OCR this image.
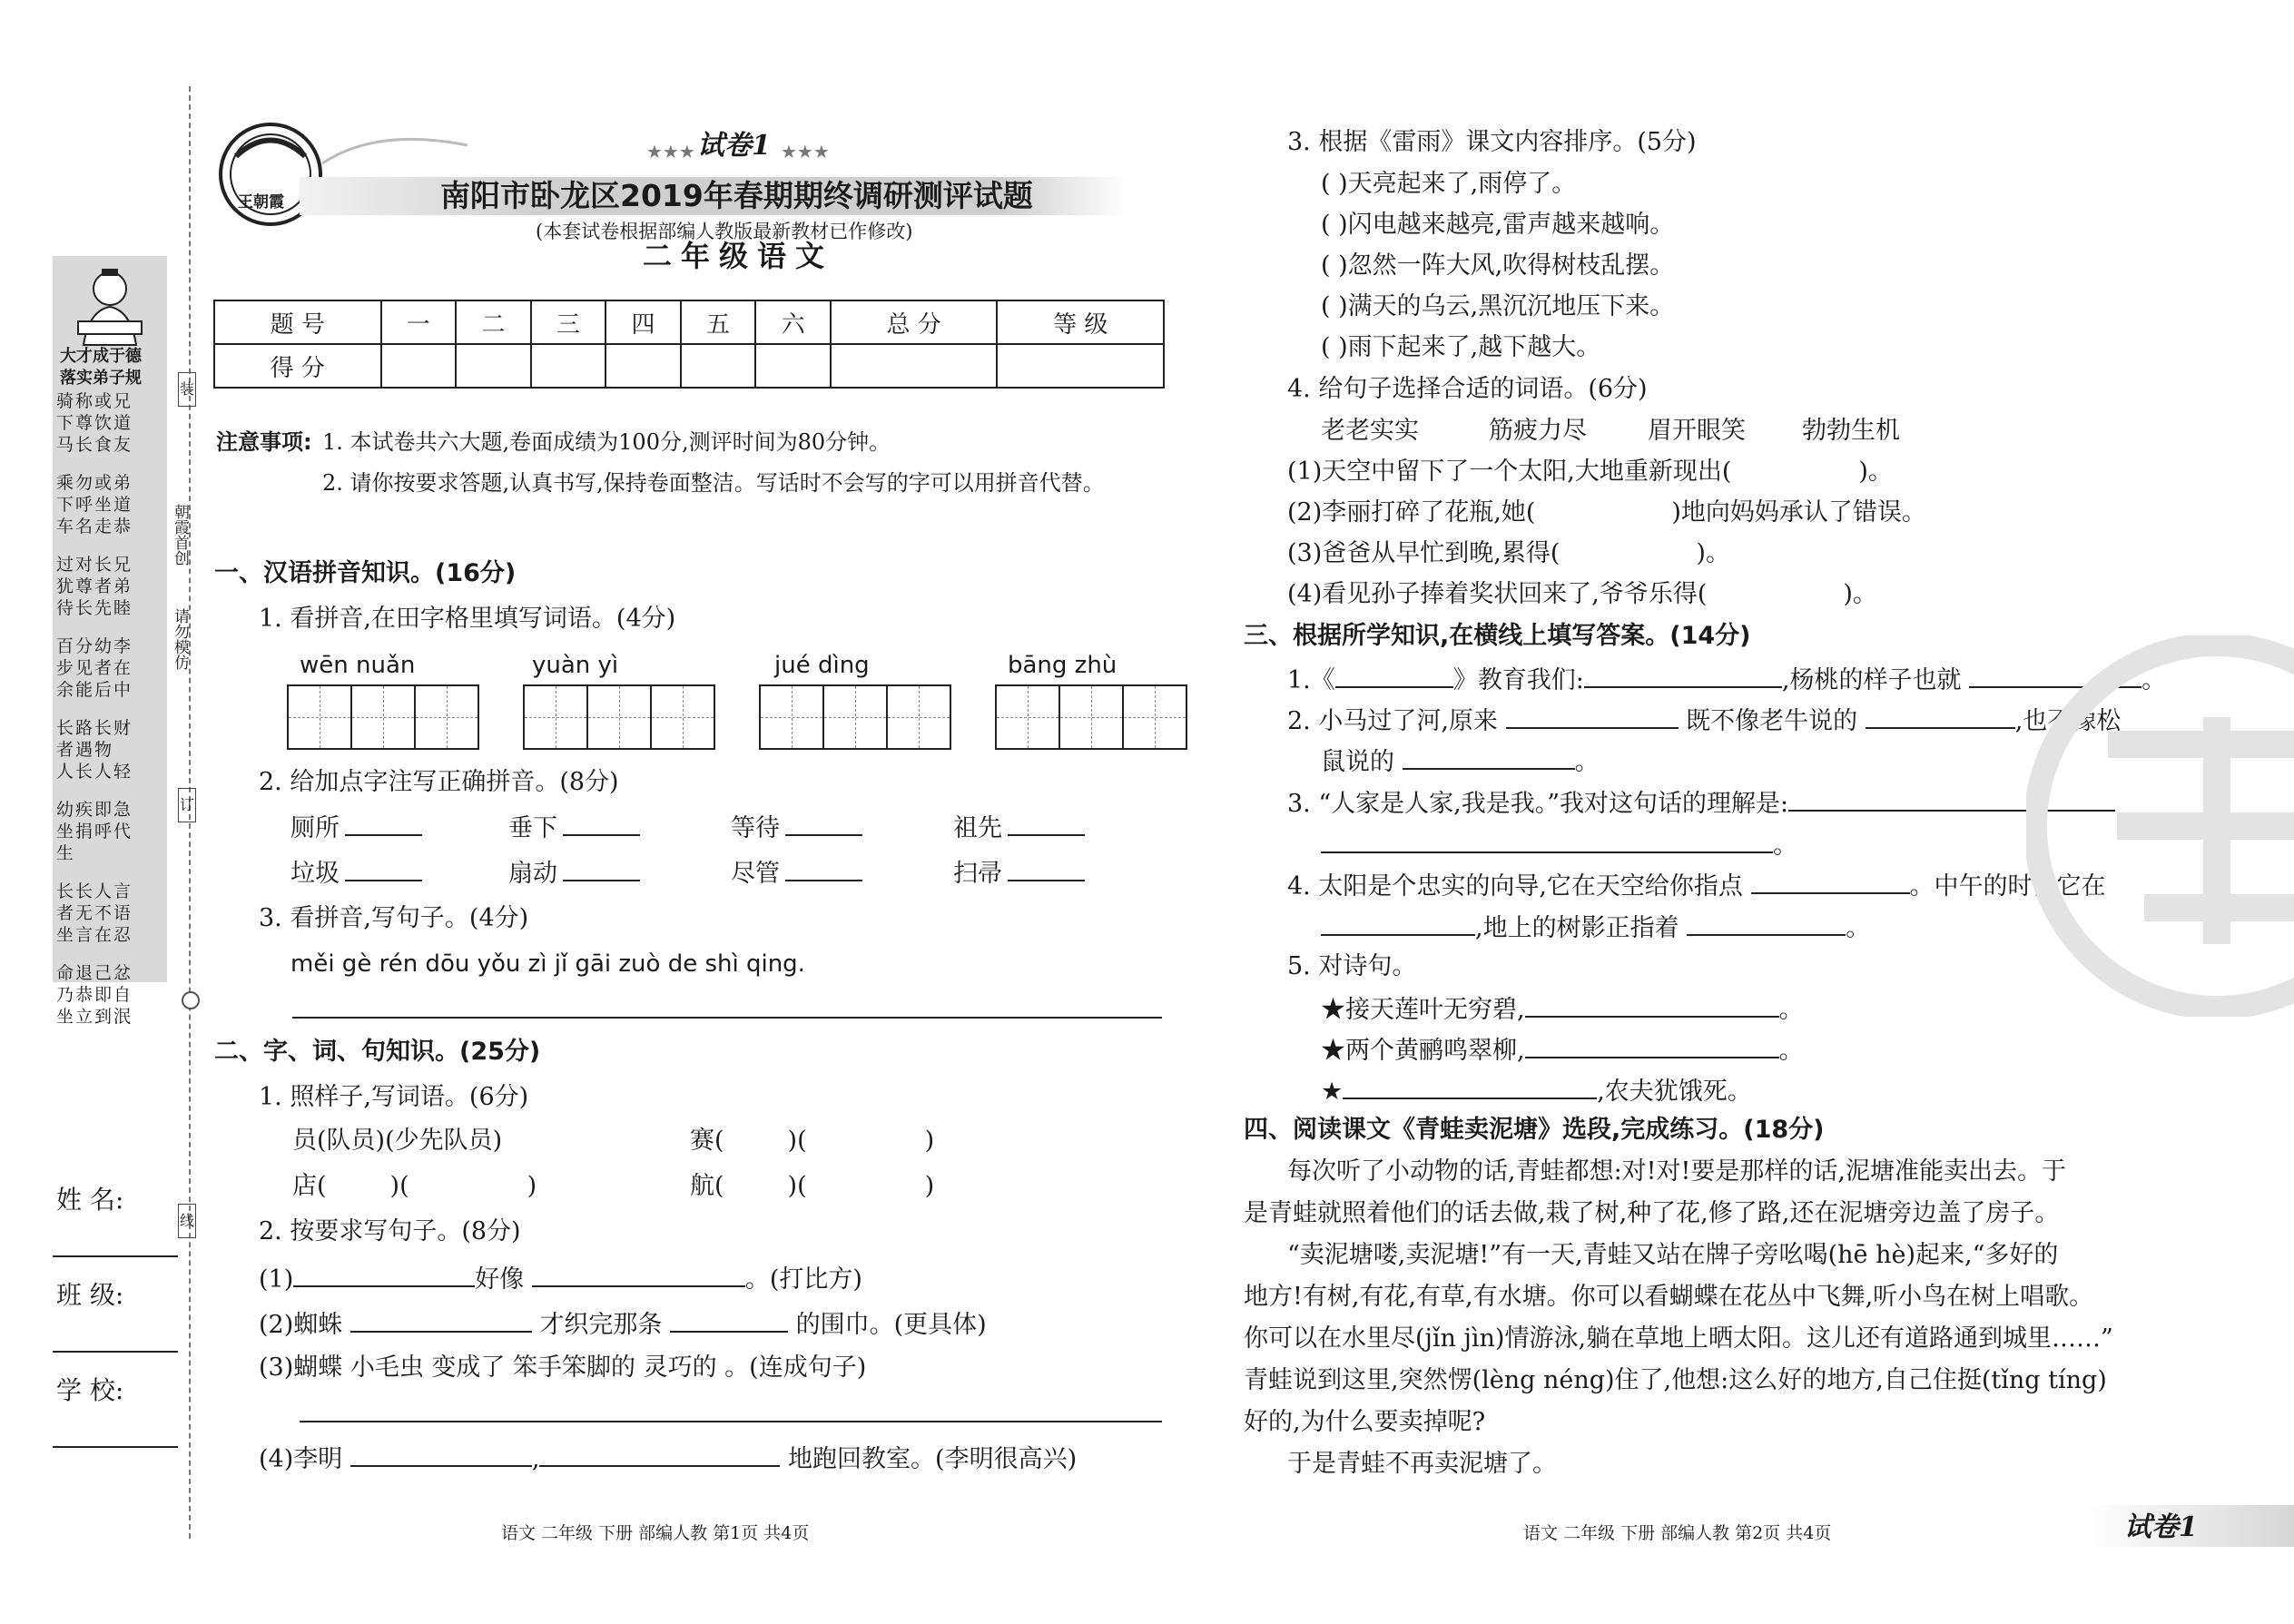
大才成于德
落实弟子规
骑称或兄
下尊饮道
马长食友
乘勿或弟
下呼坐道
车名走恭
过对长兄
犹尊者弟
待长先睦
百分幼李
步见者在
余能后中
长路长财
者遇物
人长人轻
幼疾即急
坐捐呼代
生
长长人言
者无不语
坐言在忍
命退己忿
乃恭即自
坐立到泯
朝霞首创
请勿模仿
装
订
线
姓 名:
班 级:
学 校:
王朝霞
★★★ 试卷1 ★★★
南阳市卧龙区2019年春期期终调研测评试题
(本套试卷根据部编人教版最新教材已作修改)
二年级语文
题 号	一	二	三	四	五	六	总 分	等 级
得 分								
注意事项: 1. 本试卷共六大题,卷面成绩为100分,测评时间为80分钟。
2. 请你按要求答题,认真书写,保持卷面整洁。写话时不会写的字可以用拼音代替。
一、汉语拼音知识。(16分)
1. 看拼音,在田字格里填写词语。(4分)
wēn nuǎn	yuàn yì	jué dìng	bāng zhù
2. 给加点字注写正确拼音。(8分)
厕所	垂下	等待	祖先
垃圾	扇动	尽管	扫帚
3. 看拼音,写句子。(4分)
měi gè rén dōu yǒu zì jǐ gāi zuò de shì qing.
二、字、词、句知识。(25分)
1. 照样子,写词语。(6分)
员(队员)(少先队员)	赛(	)(	)
店(	)(	)	航(	)(	)
2. 按要求写句子。(8分)
(1)	好像	。(打比方)
(2)蜘蛛	才织完那条	的围巾。(更具体)
(3)蝴蝶 小毛虫 变成了 笨手笨脚的 灵巧的 。(连成句子)
(4)李明	,	地跑回教室。(李明很高兴)
语文 二年级 下册 部编人教 第1页 共4页
3. 根据《雷雨》课文内容排序。(5分)
( )天亮起来了,雨停了。
( )闪电越来越亮,雷声越来越响。
( )忽然一阵大风,吹得树枝乱摆。
( )满天的乌云,黑沉沉地压下来。
( )雨下起来了,越下越大。
4. 给句子选择合适的词语。(6分)
老老实实	筋疲力尽 眉开眼笑 勃勃生机
(1)天空中留下了一个太阳,大地重新现出(	)。
(2)李丽打碎了花瓶,她(	)地向妈妈承认了错误。
(3)爸爸从早忙到晚,累得(	)。
(4)看见孙子捧着奖状回来了,爷爷乐得(	)。
三、根据所学知识,在横线上填写答案。(14分)
1.《	》教育我们:	,杨桃的样子也就	。
2. 小马过了河,原来	既不像老牛说的	,也不像松
鼠说的	。
3. “人家是人家,我是我。”我对这句话的理解是:
。
4. 太阳是个忠实的向导,它在天空给你指点	。中午的时候它在
,地上的树影正指着	。
5. 对诗句。
★接天莲叶无穷碧,	。
★两个黄鹂鸣翠柳,	。
★	,农夫犹饿死。
四、阅读课文《青蛙卖泥塘》选段,完成练习。(18分)
每次听了小动物的话,青蛙都想:对!对!要是那样的话,泥塘准能卖出去。于
是青蛙就照着他们的话去做,栽了树,种了花,修了路,还在泥塘旁边盖了房子。
“卖泥塘喽,卖泥塘!”有一天,青蛙又站在牌子旁吆喝(hē hè)起来,“多好的
地方!有树,有花,有草,有水塘。你可以看蝴蝶在花丛中飞舞,听小鸟在树上唱歌。
你可以在水里尽(jǐn jìn)情游泳,躺在草地上晒太阳。这儿还有道路通到城里……”
青蛙说到这里,突然愣(lèng néng)住了,他想:这么好的地方,自己住挺(tǐng tíng)
好的,为什么要卖掉呢?
于是青蛙不再卖泥塘了。
语文 二年级 下册 部编人教 第2页 共4页	试卷1
